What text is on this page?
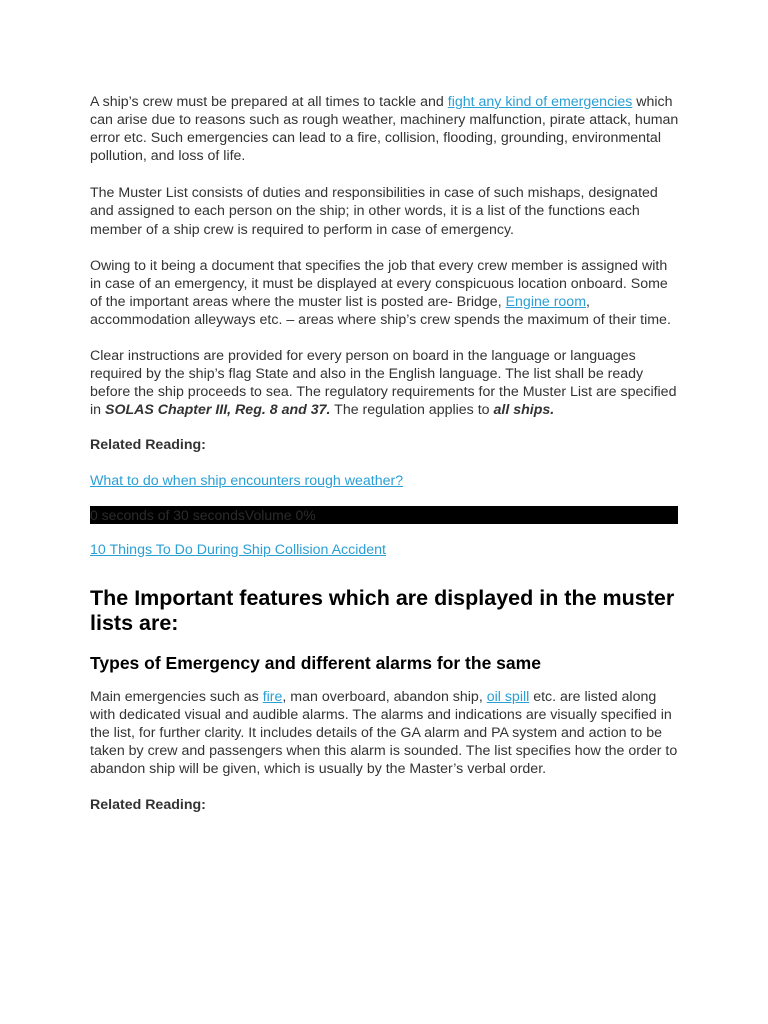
A ship’s crew must be prepared at all times to tackle and fight any kind of emergencies which can arise due to reasons such as rough weather, machinery malfunction, pirate attack, human error etc. Such emergencies can lead to a fire, collision, flooding, grounding, environmental pollution, and loss of life.

The Muster List consists of duties and responsibilities in case of such mishaps, designated and assigned to each person on the ship; in other words, it is a list of the functions each member of a ship crew is required to perform in case of emergency.

Owing to it being a document that specifies the job that every crew member is assigned with in case of an emergency, it must be displayed at every conspicuous location onboard. Some of the important areas where the muster list is posted are- Bridge, Engine room, accommodation alleyways etc. – areas where ship’s crew spends the maximum of their time.

Clear instructions are provided for every person on board in the language or languages required by the ship’s flag State and also in the English language. The list shall be ready before the ship proceeds to sea. The regulatory requirements for the Muster List are specified in SOLAS Chapter III, Reg. 8 and 37. The regulation applies to all ships.

Related Reading:

What to do when ship encounters rough weather?

0 seconds of 30 secondsVolume 0%

10 Things To Do During Ship Collision Accident

The Important features which are displayed in the muster lists are:
Types of Emergency and different alarms for the same

Main emergencies such as fire, man overboard, abandon ship, oil spill etc. are listed along with dedicated visual and audible alarms. The alarms and indications are visually specified in the list, for further clarity. It includes details of the GA alarm and PA system and action to be taken by crew and passengers when this alarm is sounded. The list specifies how the order to abandon ship will be given, which is usually by the Master’s verbal order.

Related Reading:
